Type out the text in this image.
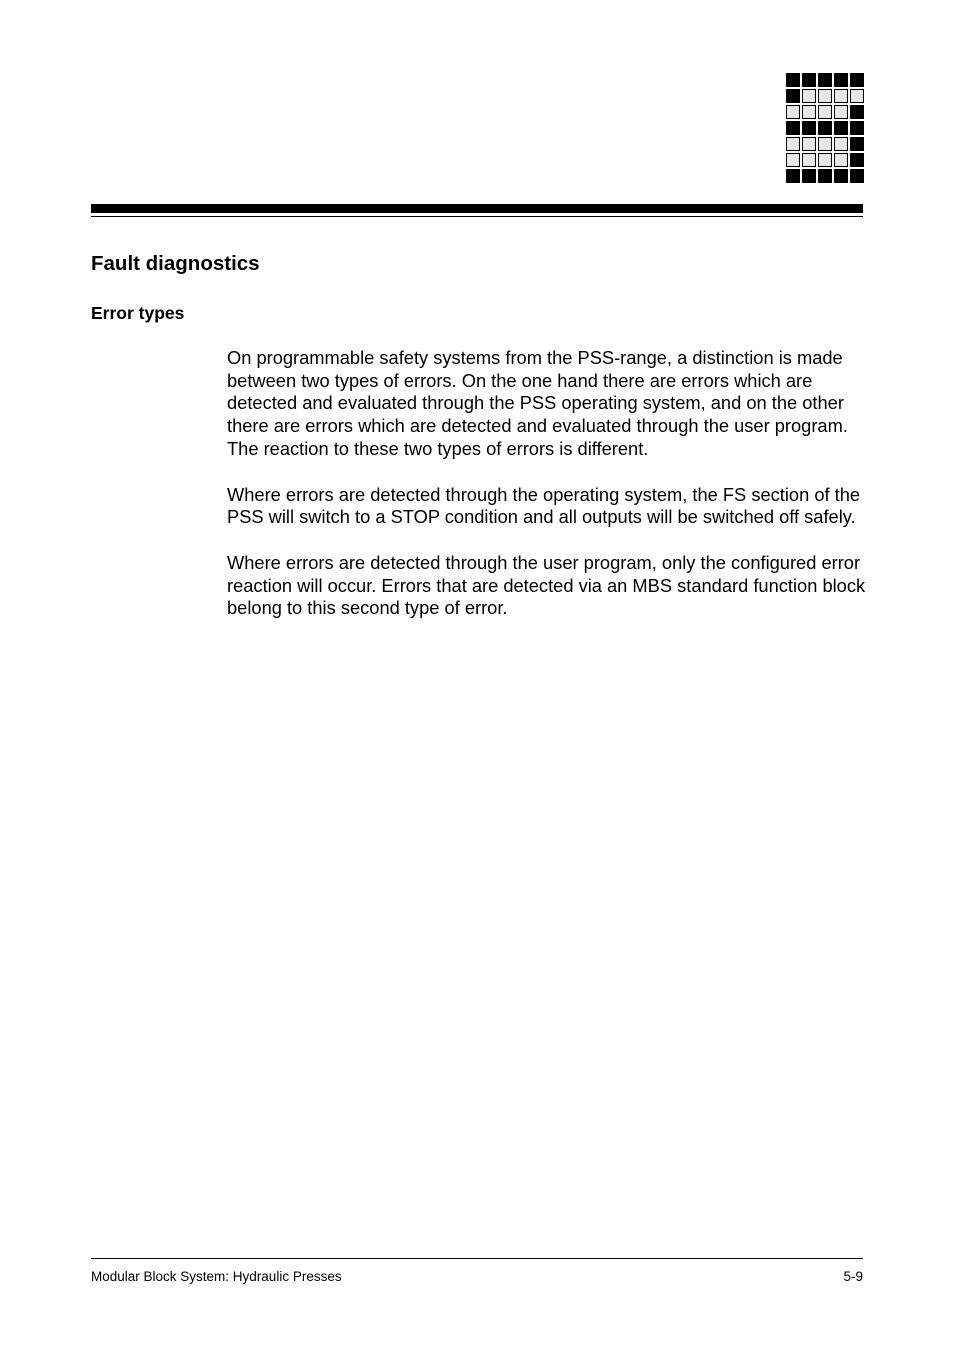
Fault diagnostics
Error types

On programmable safety systems from the PSS-range, a distinction is made between two types of errors. On the one hand there are errors which are detected and evaluated through the PSS operating system, and on the other there are errors which are detected and evaluated through the user program. The reaction to these two types of errors is different.

Where errors are detected through the operating system, the FS section of the PSS will switch to a STOP condition and all outputs will be switched off safely.

Where errors are detected through the user program, only the configured error reaction will occur. Errors that are detected via an MBS standard function block belong to this second type of error.

Modular Block System: Hydraulic Presses	5-9
